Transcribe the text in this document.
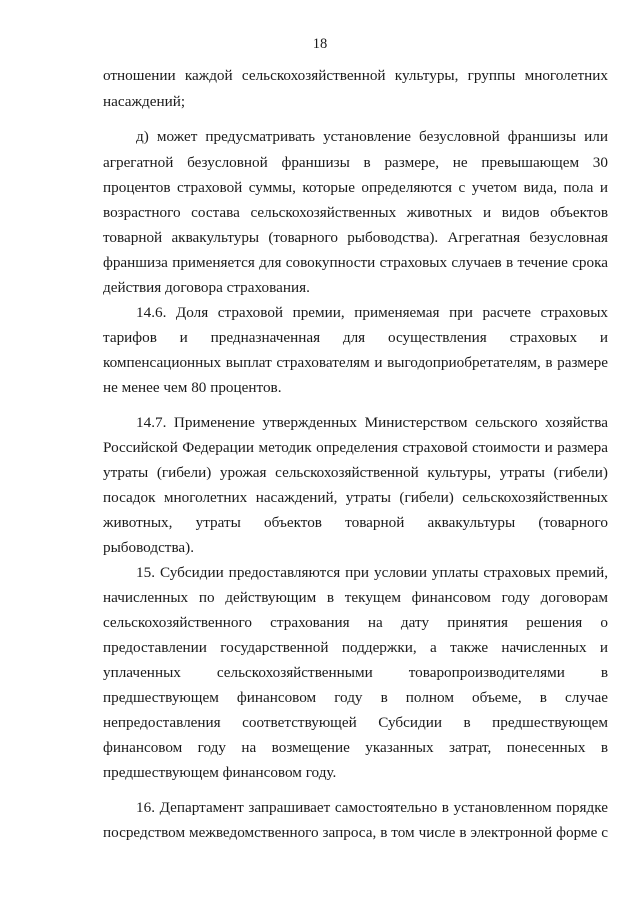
18
отношении каждой сельскохозяйственной культуры, группы многолетних
насаждений;
д) может предусматривать установление безусловной франшизы или
агрегатной безусловной франшизы в размере, не превышающем 30
процентов страховой суммы, которые определяются с учетом вида, пола и
возрастного состава сельскохозяйственных животных и видов объектов
товарной аквакультуры (товарного рыбоводства). Агрегатная безусловная
франшиза применяется для совокупности страховых случаев в течение срока
действия договора страхования.
14.6. Доля страховой премии, применяемая при расчете страховых
тарифов и предназначенная для осуществления страховых и
компенсационных выплат страхователям и выгодоприобретателям, в размере
не менее чем 80 процентов.
14.7. Применение утвержденных Министерством сельского хозяйства
Российской Федерации методик определения страховой стоимости и размера
утраты (гибели) урожая сельскохозяйственной культуры, утраты (гибели)
посадок многолетних насаждений, утраты (гибели) сельскохозяйственных
животных, утраты объектов товарной аквакультуры (товарного
рыбоводства).
15. Субсидии предоставляются при условии уплаты страховых премий,
начисленных по действующим в текущем финансовом году договорам
сельскохозяйственного страхования на дату принятия решения о
предоставлении государственной поддержки, а также начисленных и
уплаченных сельскохозяйственными товаропроизводителями в
предшествующем финансовом году в полном объеме, в случае
непредоставления соответствующей Субсидии в предшествующем
финансовом году на возмещение указанных затрат, понесенных в
предшествующем финансовом году.
16. Департамент запрашивает самостоятельно в установленном порядке
посредством межведомственного запроса, в том числе в электронной форме с
